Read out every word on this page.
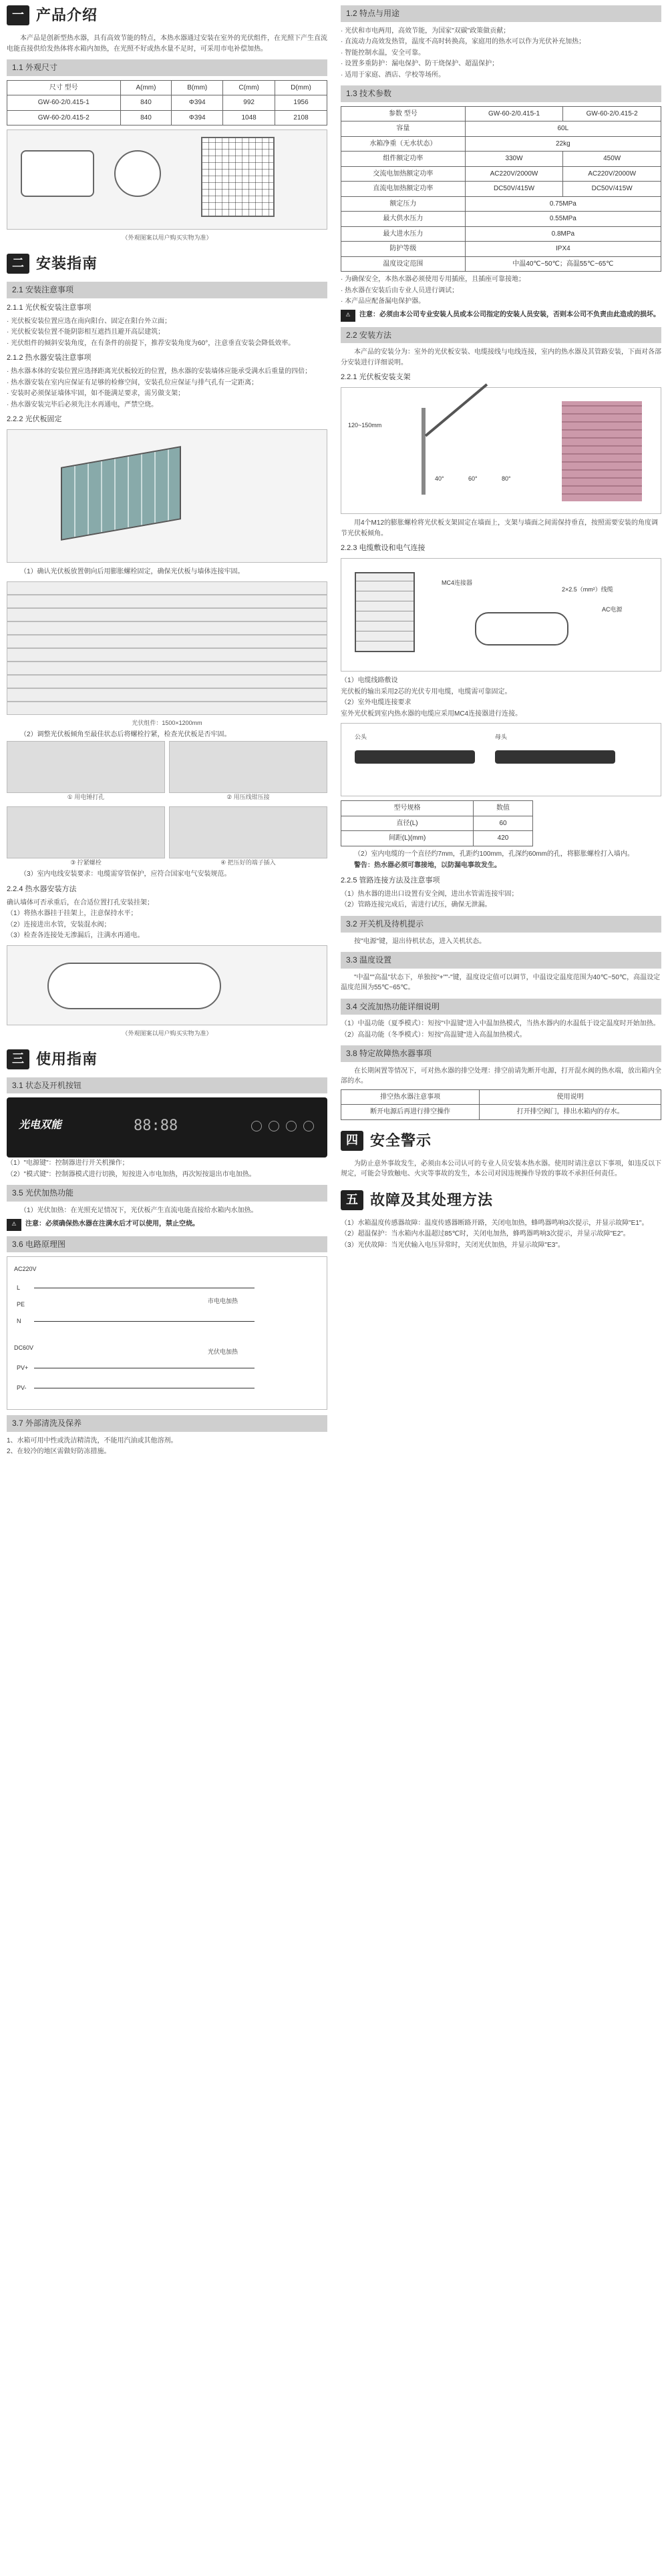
一 产品介绍

本产品是创新型热水器，具有高效节能的特点，本热水器通过安装在室外的光伏组件，在光照下产生直流电能直接供给发热体将水箱内加热，在光照不好或热水量不足时，可采用市电补偿加热。

1.1 外观尺寸
尺寸 型号	A(mm)	B(mm)	C(mm)	D(mm)
GW-60-2/0.415-1	840	Φ394	992	1956
GW-60-2/0.415-2	840	Φ394	1048	2108
（外观图案以用户购买实物为准）
二 安装指南
2.1 安装注意事项
2.1.1 光伏板安装注意事项
· 光伏板安装位置应选在南向阳台、固定在阳台外立面；
· 光伏板安装位置不能阴影相互遮挡且避开高层建筑；
· 光伏组件的倾斜安装角度，在有条件的前提下，推荐安装角度为60°，注意垂直安装会降低效率。
2.1.2 热水器安装注意事项
· 热水器本体的安装位置应选择距离光伏板较近的位置，热水器的安装墙体应能承受满水后重量的四倍；
· 热水器安装在室内应保证有足够的检修空间，安装孔位应保证与排气孔有一定距离；
· 安装时必须保证墙体牢固，如不能满足要求，需另做支架；
· 热水器安装完毕后必须先注水再通电，严禁空烧。
2.2.2 光伏板固定

（1）确认光伏板放置朝向后用膨胀螺栓固定，确保光伏板与墙体连接牢固。

光伏组件：1500×1200mm

（2）调整光伏板倾角至最佳状态后将螺栓拧紧，检查光伏板是否牢固。

① 用电锤打孔	② 用压线钳压接
③ 拧紧螺栓	④ 把压好的端子插入

（3）室内电线安装要求：电缆需穿管保护，应符合国家电气安装规范。

2.2.4 热水器安装方法
确认墙体可否承重后，在合适位置打孔安装挂架；
（1）将热水器挂于挂架上，注意保持水平；
（2）连接进出水管，安装混水阀；
（3）检查各连接处无渗漏后，注满水再通电。
（外观图案以用户购买实物为准）
三 使用指南
3.1 状态及开机按钮
光电双能	88:88
（1）"电源键"：控制器进行开关机操作；
（2）"模式键"：控制器模式进行切换，短按进入市电加热，再次短按退出市电加热。
3.5 光伏加热功能

（1）光伏加热：在光照充足情况下，光伏板产生直流电能直接给水箱内水加热。

⚠	注意：必须确保热水器在注满水后才可以使用，禁止空烧。
3.6 电路原理图
AC220V
L
PE
N
DC60V
PV+
PV-
光伏电加热
市电电加热
3.7 外部清洗及保养
1、水箱可用中性或洗洁精清洗，不能用汽油或其他溶剂。
2、在较冷的地区需做好防冻措施。
1.2 特点与用途
· 光伏和市电两用，高效节能，为国家"双碳"政策做贡献；
· 直流动力高效发热管，温度不高时转换高，家庭用的热水可以作为光伏补充加热；
· 智能控制水温，安全可靠。
· 设置多重防护：漏电保护、防干烧保护、超温保护；
· 适用于家庭、酒店、学校等场所。
1.3 技术参数
参数 型号	GW-60-2/0.415-1	GW-60-2/0.415-2
容量	60L	
水箱净重（无水状态）	22kg	
组件额定功率	330W	450W
交流电加热额定功率	AC220V/2000W	AC220V/2000W
直流电加热额定功率	DC50V/415W	DC50V/415W
额定压力	0.75MPa	
最大供水压力	0.55MPa	
最大进水压力	0.8MPa	
防护等级	IPX4	
温度设定范围	中温40℃~50℃；高温55℃~65℃	
· 为确保安全，本热水器必须使用专用插座，且插座可靠接地；
· 热水器在安装后由专业人员进行调试；
· 本产品应配备漏电保护器。
⚠	注意：必须由本公司专业安装人员或本公司指定的安装人员安装，否则本公司不负责由此造成的损坏。
2.2 安装方法

本产品的安装分为：室外的光伏板安装、电缆接线与电线连接，室内的热水器及其管路安装，下面对各部分安装进行详细说明。

2.2.1 光伏板安装支架
120~150mm
40°	60°	80°

用4个M12的膨胀螺栓将光伏板支架固定在墙面上，支架与墙面之间需保持垂直，按照需要安装的角度调节光伏板倾角。

2.2.3 电缆敷设和电气连接
MC4连接器
2×2.5（mm²）线缆
AC电源
（1）电缆线路敷设
光伏板的输出采用2芯的光伏专用电缆，电缆需可靠固定。
（2）室外电缆连接要求
室外光伏板到室内热水器的电缆应采用MC4连接器进行连接。
公头	母头
型号规格	数值
直径(L)	60
间距(L)(mm)	420

（2）室内电缆的一个直径约7mm，孔距约100mm，孔深约60mm的孔，将膨胀螺栓打入墙内。

警告：热水器必须可靠接地，以防漏电事故发生。

2.2.5 管路连接方法及注意事项
（1）热水器的进出口设置有安全阀，进出水管需连接牢固；
（2）管路连接完成后，需进行试压，确保无泄漏。
3.2 开关机及待机提示

按"电源"键，退出待机状态，进入关机状态。

3.3 温度设置

"中温""高温"状态下，单独按"+""-"键，温度设定值可以调节，中温设定温度范围为40℃~50℃，高温设定温度范围为55℃~65℃。

3.4 交流加热功能详细说明
（1）中温功能（夏季模式）：短按"中温键"进入中温加热模式，当热水器内的水温低于设定温度时开始加热。
（2）高温功能（冬季模式）：短按"高温键"进入高温加热模式。
3.8 特定故障热水器事项

在长期闲置等情况下，可对热水器的排空处理：排空前请先断开电源，打开混水阀的热水端，放出箱内全部的水。

排空热水器注意事项	使用说明
断开电源后再进行排空操作	打开排空阀门，排出水箱内的存水。
四 安全警示

为防止意外事故发生，必须由本公司认可的专业人员安装本热水器。使用时请注意以下事项，如违反以下规定，可能会导致触电、火灾等事故的发生，本公司对因违规操作导致的事故不承担任何责任。

五 故障及其处理方法
（1）水箱温度传感器故障：温度传感器断路开路，关闭电加热，蜂鸣器鸣响3次提示，并显示故障"E1"。
（2）超温保护：当水箱内水温超过85℃时，关闭电加热，蜂鸣器鸣响3次提示，并显示故障"E2"。
（3）光伏故障：当光伏输入电压异常时，关闭光伏加热，并显示故障"E3"。
